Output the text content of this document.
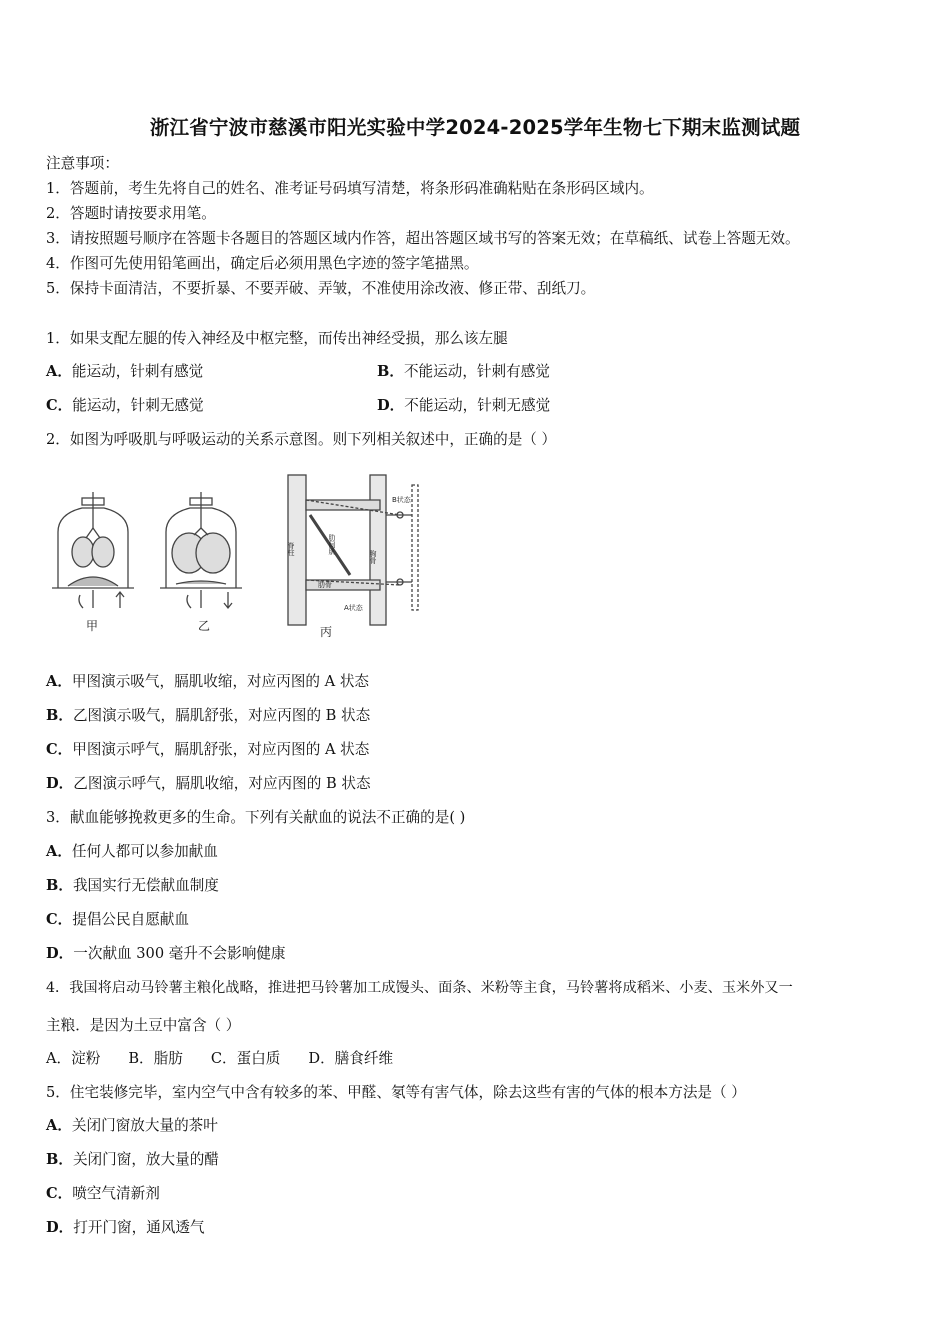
浙江省宁波市慈溪市阳光实验中学2024-2025学年生物七下期末监测试题
注意事项：
1．答题前，考生先将自己的姓名、准考证号码填写清楚，将条形码准确粘贴在条形码区域内。
2．答题时请按要求用笔。
3．请按照题号顺序在答题卡各题目的答题区域内作答，超出答题区域书写的答案无效；在草稿纸、试卷上答题无效。
4．作图可先使用铅笔画出，确定后必须用黑色字迹的签字笔描黑。
5．保持卡面清洁，不要折暴、不要弄破、弄皱，不准使用涂改液、修正带、刮纸刀。
1．如果支配左腿的传入神经及中枢完整，而传出神经受损，那么该左腿
A．能运动，针刺有感觉	B．不能运动，针刺有感觉
C．能运动，针刺无感觉	D．不能运动，针刺无感觉
2．如图为呼吸肌与呼吸运动的关系示意图。则下列相关叙述中，正确的是（ ）
甲	乙	丙
B状态
A状态
脊柱	肋间肌
胸骨
肋骨
A．甲图演示吸气，膈肌收缩，对应丙图的 A 状态
B．乙图演示吸气，膈肌舒张，对应丙图的 B 状态
C．甲图演示呼气，膈肌舒张，对应丙图的 A 状态
D．乙图演示呼气，膈肌收缩，对应丙图的 B 状态
3．献血能够挽救更多的生命。下列有关献血的说法不正确的是( )
A．任何人都可以参加献血
B．我国实行无偿献血制度
C．提倡公民自愿献血
D．一次献血 300 毫升不会影响健康
4．我国将启动马铃薯主粮化战略，推进把马铃薯加工成馒头、面条、米粉等主食，马铃薯将成稻米、小麦、玉米外又一
主粮．是因为土豆中富含（ ）
A．淀粉 B．脂肪 C．蛋白质 D．膳食纤维
5．住宅装修完毕，室内空气中含有较多的苯、甲醛、氡等有害气体，除去这些有害的气体的根本方法是（ ）
A．关闭门窗放大量的茶叶
B．关闭门窗，放大量的醋
C．喷空气清新剂
D．打开门窗，通风透气
